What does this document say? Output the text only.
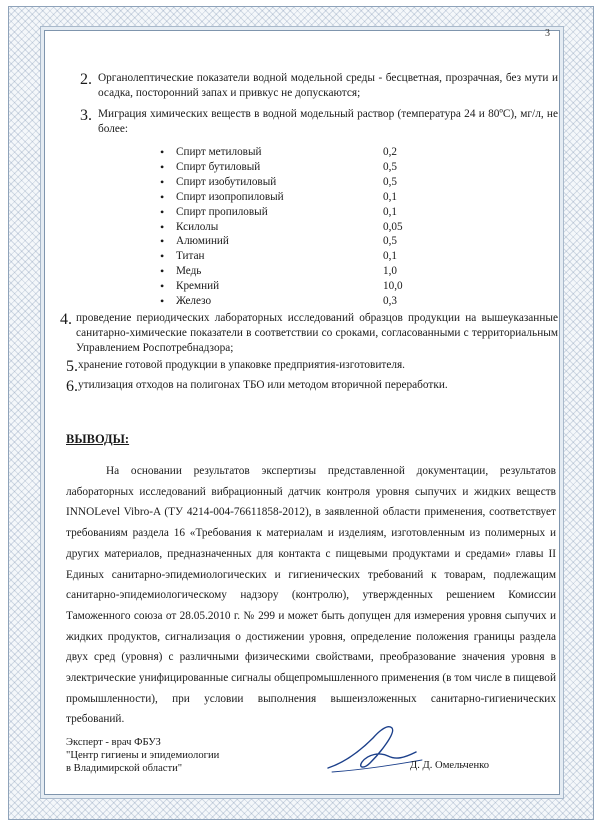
3
2. Органолептические показатели водной модельной среды - бесцветная, прозрачная, без мути и осадка, посторонний запах и привкус не допускаются;
3. Миграция химических веществ в водной модельный раствор (температура 24 и 80ºС), мг/л, не более:
• Спирт метиловый	0,2
• Спирт бутиловый	0,5
• Спирт изобутиловый	0,5
• Спирт изопропиловый	0,1
• Спирт пропиловый	0,1
• Ксилолы	0,05
• Алюминий	0,5
• Титан	0,1
• Медь	1,0
• Кремний	10,0
• Железо	0,3
4. проведение периодических лабораторных исследований образцов продукции на вышеуказанные санитарно-химические показатели в соответствии со сроками, согласованными с территориальным Управлением Роспотребнадзора;
5. хранение готовой продукции в упаковке предприятия-изготовителя.
6. утилизация отходов на полигонах ТБО или методом вторичной переработки.
ВЫВОДЫ:

На основании результатов экспертизы представленной документации, результатов лабораторных исследований вибрационный датчик контроля уровня сыпучих и жидких веществ INNOLevel Vibro-A (ТУ 4214-004-76611858-2012), в заявленной области применения, соответствует требованиям раздела 16 «Требования к материалам и изделиям, изготовленным из полимерных и других материалов, предназначенных для контакта с пищевыми продуктами и средами» главы II Единых санитарно-эпидемиологических и гигиенических требований к товарам, подлежащим санитарно-эпидемиологическому надзору (контролю), утвержденных решением Комиссии Таможенного союза от 28.05.2010 г. № 299 и может быть допущен для измерения уровня сыпучих и жидких продуктов, сигнализация о достижении уровня, определение положения границы раздела двух сред (уровня) с различными физическими свойствами, преобразование значения уровня в электрические унифицированные сигналы общепромышленного применения (в том числе в пищевой промышленности), при условии выполнения вышеизложенных санитарно-гигиенических требований.

Эксперт - врач ФБУЗ
"Центр гигиены и эпидемиологии
в Владимирской области"	Д. Д. Омельченко
